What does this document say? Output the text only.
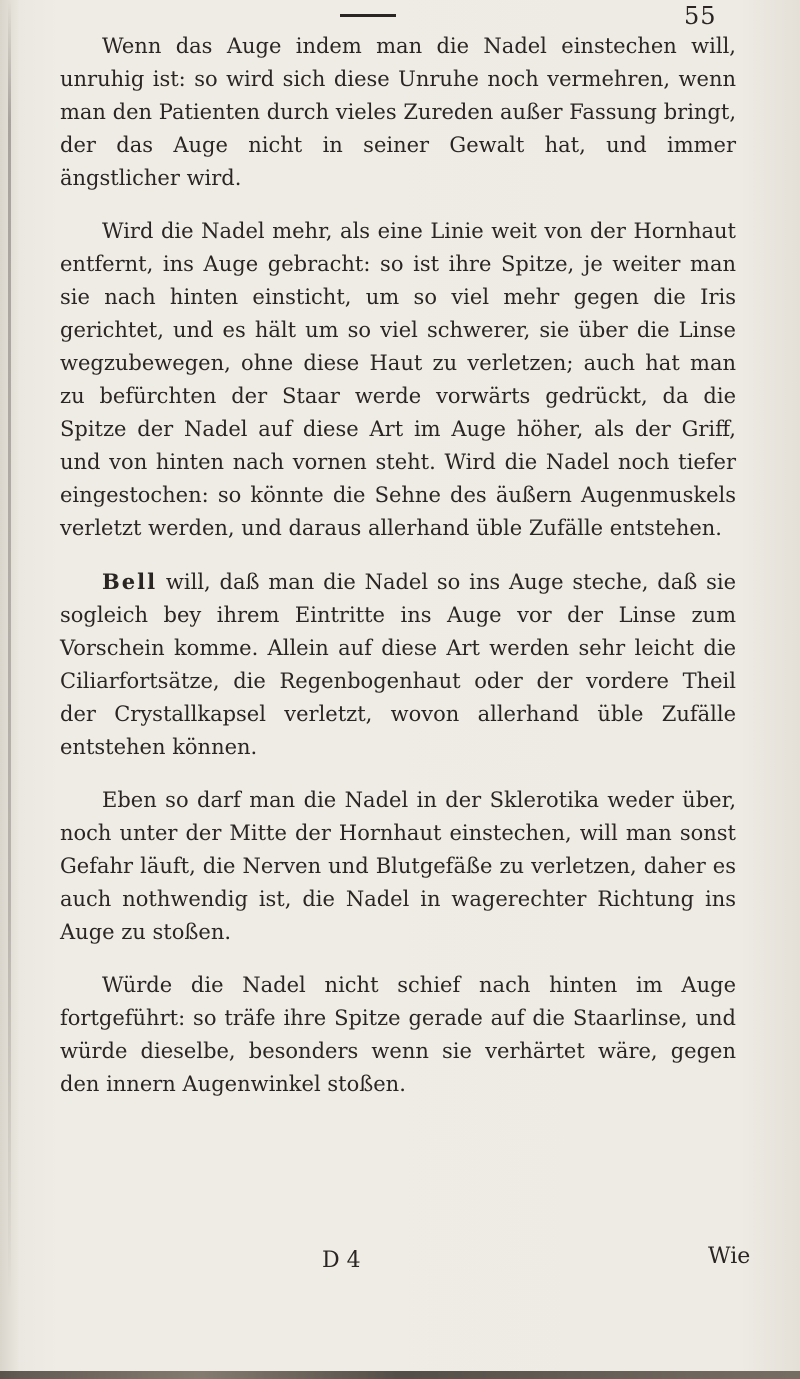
55

Wenn das Auge indem man die Nadel einstechen will, unruhig ist: so wird sich diese Unruhe noch vermehren, wenn man den Patienten durch vieles Zureden außer Fassung bringt, der das Auge nicht in seiner Gewalt hat, und immer ängstlicher wird.

Wird die Nadel mehr, als eine Linie weit von der Hornhaut entfernt, ins Auge gebracht: so ist ihre Spitze, je weiter man sie nach hinten einsticht, um so viel mehr gegen die Iris gerichtet, und es hält um so viel schwerer, sie über die Linse wegzubewegen, ohne diese Haut zu verletzen; auch hat man zu befürchten der Staar werde vorwärts gedrückt, da die Spitze der Nadel auf diese Art im Auge höher, als der Griff, und von hinten nach vornen steht. Wird die Nadel noch tiefer eingestochen: so könnte die Sehne des äußern Augenmuskels verletzt werden, und daraus allerhand üble Zufälle entstehen.

Bell will, daß man die Nadel so ins Auge steche, daß sie sogleich bey ihrem Eintritte ins Auge vor der Linse zum Vorschein komme. Allein auf diese Art werden sehr leicht die Ciliarfortsätze, die Regenbogenhaut oder der vordere Theil der Crystallkapsel verletzt, wovon allerhand üble Zufälle entstehen können.

Eben so darf man die Nadel in der Sklerotika weder über, noch unter der Mitte der Hornhaut einstechen, will man sonst Gefahr läuft, die Nerven und Blutgefäße zu verletzen, daher es auch nothwendig ist, die Nadel in wagerechter Richtung ins Auge zu stoßen.

Würde die Nadel nicht schief nach hinten im Auge fortgeführt: so träfe ihre Spitze gerade auf die Staarlinse, und würde dieselbe, besonders wenn sie verhärtet wäre, gegen den innern Augenwinkel stoßen.

D 4	Wie
